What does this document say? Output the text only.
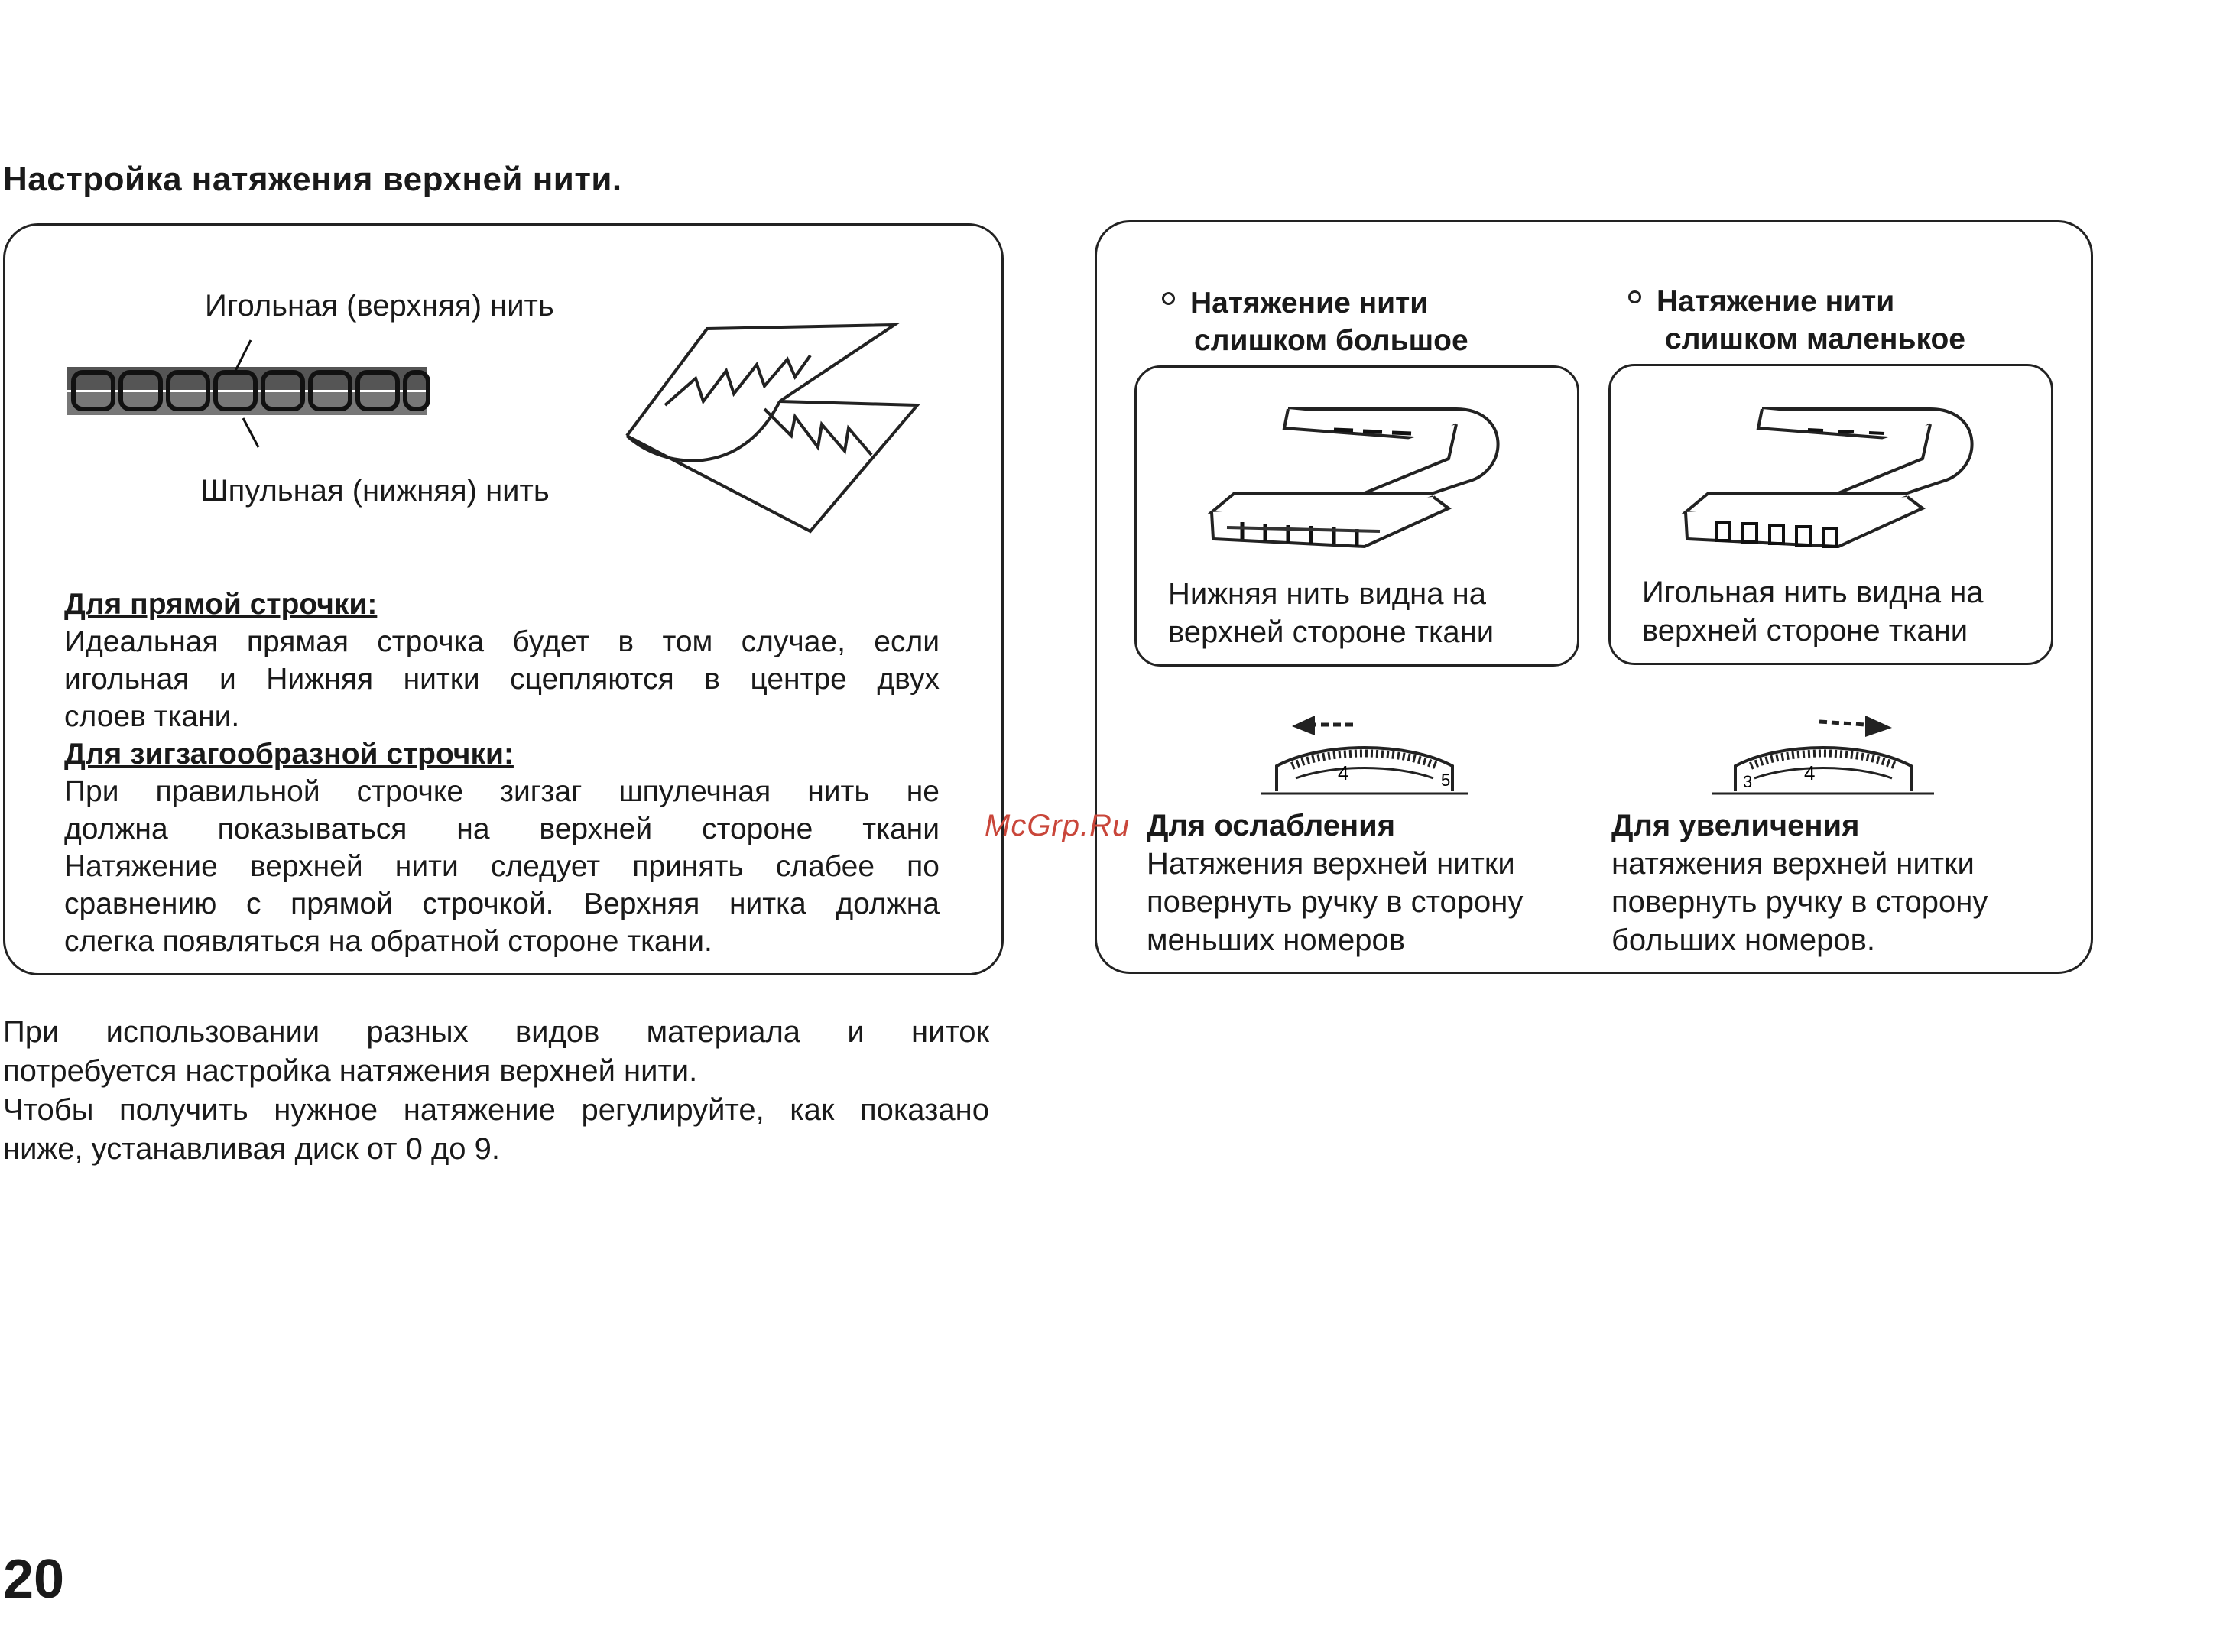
Настройка натяжения верхней нити.
Игольная (верхняя) нить
Шпульная (нижняя) нить
Для прямой строчки:
Идеальная прямая строчка будет в том случае, если
игольная и Нижняя нитки сцепляются в центре двух
слоев ткани.
Для зигзагообразной строчки:
При правильной строчке зигзаг шпулечная нить не
должна показываться на верхней стороне ткани
Натяжение верхней нити следует принять слабее по
сравнению с прямой строчкой. Верхняя нитка должна
слегка появляться на обратной стороне ткани.
Натяжение нити
слишком большое
Натяжение нити
слишком маленькое
Нижняя нить видна на
верхней стороне ткани
Игольная нить видна на
верхней стороне ткани
4	5	3	4
McGrp.Ru Для ослабления
Натяжения верхней нитки
повернуть ручку в сторону
меньших номеров
Для увеличения
натяжения верхней нитки
повернуть ручку в сторону
больших номеров.
При использовании разных видов материала и ниток
потребуется настройка натяжения верхней нити.
Чтобы получить нужное натяжение регулируйте, как показано
ниже, устанавливая диск от 0 до 9.
20
